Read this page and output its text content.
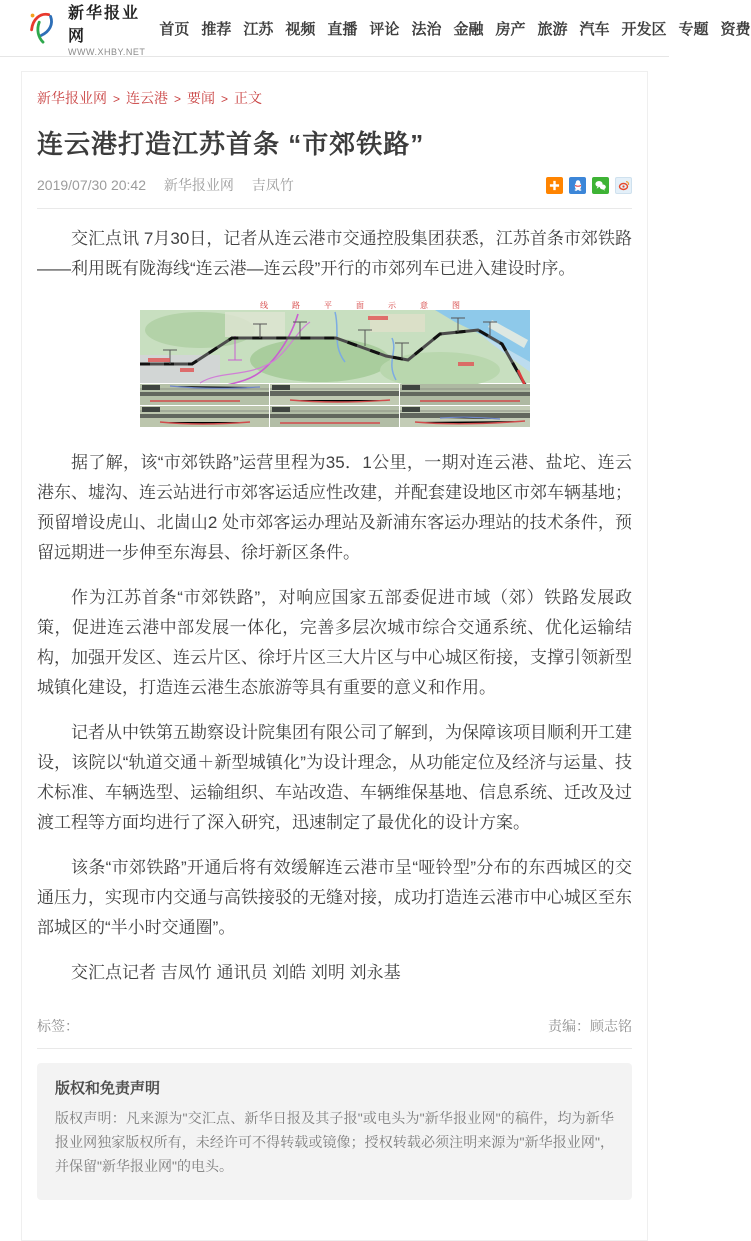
新华报业网
WWW.XHBY.NET
首页 推荐 江苏 视频 直播 评论 法治 金融 房产 旅游 汽车 开发区 专题 资费
新华报业网 > 连云港 > 要闻 > 正文
连云港打造江苏首条 “市郊铁路”
2019/07/30 20:42 新华报业网 吉凤竹

交汇点讯 7月30日，记者从连云港市交通控股集团获悉，江苏首条市郊铁路——利用既有陇海线“连云港—连云段”开行的市郊列车已进入建设时序。

线路平面示意图

据了解，该“市郊铁路”运营里程为35．1公里，一期对连云港、盐坨、连云港东、墟沟、连云站进行市郊客运适应性改建，并配套建设地区市郊车辆基地；预留增设虎山、北崮山2 处市郊客运办理站及新浦东客运办理站的技术条件，预留远期进一步伸至东海县、徐圩新区条件。

作为江苏首条“市郊铁路”，对响应国家五部委促进市域（郊）铁路发展政策，促进连云港中部发展一体化，完善多层次城市综合交通系统、优化运输结构，加强开发区、连云片区、徐圩片区三大片区与中心城区衔接，支撑引领新型城镇化建设，打造连云港生态旅游等具有重要的意义和作用。

记者从中铁第五勘察设计院集团有限公司了解到，为保障该项目顺利开工建设，该院以“轨道交通＋新型城镇化”为设计理念，从功能定位及经济与运量、技术标准、车辆选型、运输组织、车站改造、车辆维保基地、信息系统、迁改及过渡工程等方面均进行了深入研究，迅速制定了最优化的设计方案。

该条“市郊铁路”开通后将有效缓解连云港市呈“哑铃型”分布的东西城区的交通压力，实现市内交通与高铁接驳的无缝对接，成功打造连云港市中心城区至东部城区的“半小时交通圈”。

交汇点记者 吉凤竹 通讯员 刘皓 刘明 刘永基

标签：	责编：顾志铭
版权和免责声明

版权声明：凡来源为"交汇点、新华日报及其子报"或电头为"新华报业网"的稿件，均为新华报业网独家版权所有，未经许可不得转载或镜像；授权转载必须注明来源为"新华报业网"，并保留"新华报业网"的电头。
